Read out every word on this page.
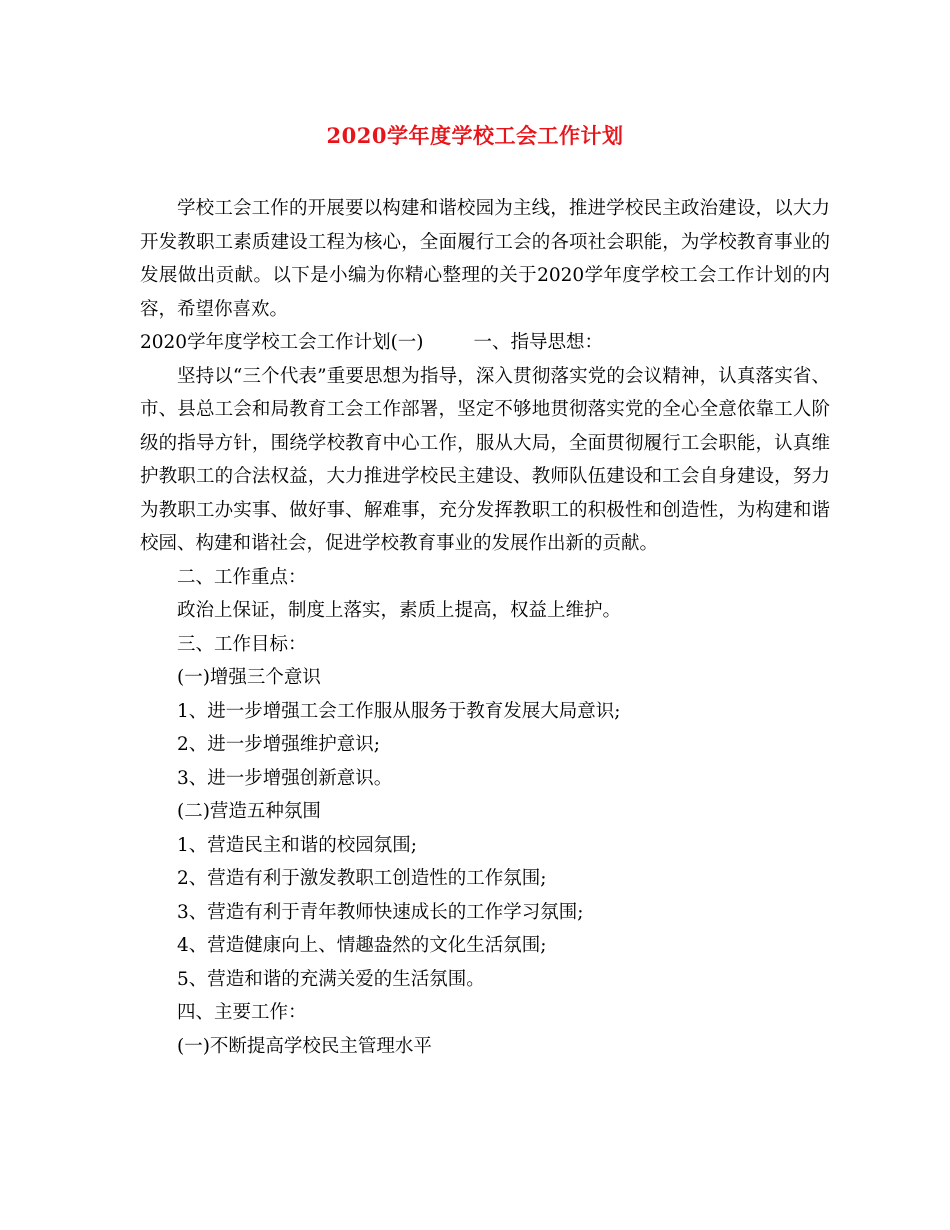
2020学年度学校工会工作计划

学校工会工作的开展要以构建和谐校园为主线，推进学校民主政治建设，以大力开发教职工素质建设工程为核心，全面履行工会的各项社会职能，为学校教育事业的发展做出贡献。以下是小编为你精心整理的关于2020学年度学校工会工作计划的内容，希望你喜欢。

2020学年度学校工会工作计划(一)	一、指导思想：

坚持以“三个代表”重要思想为指导，深入贯彻落实党的会议精神，认真落实省、市、县总工会和局教育工会工作部署，坚定不够地贯彻落实党的全心全意依靠工人阶级的指导方针，围绕学校教育中心工作，服从大局，全面贯彻履行工会职能，认真维护教职工的合法权益，大力推进学校民主建设、教师队伍建设和工会自身建设，努力为教职工办实事、做好事、解难事，充分发挥教职工的积极性和创造性，为构建和谐校园、构建和谐社会，促进学校教育事业的发展作出新的贡献。

二、工作重点：

政治上保证，制度上落实，素质上提高，权益上维护。

三、工作目标：

(一)增强三个意识

1、进一步增强工会工作服从服务于教育发展大局意识;

2、进一步增强维护意识;

3、进一步增强创新意识。

(二)营造五种氛围

1、营造民主和谐的校园氛围;

2、营造有利于激发教职工创造性的工作氛围;

3、营造有利于青年教师快速成长的工作学习氛围;

4、营造健康向上、情趣盎然的文化生活氛围;

5、营造和谐的充满关爱的生活氛围。

四、主要工作：

(一)不断提高学校民主管理水平
